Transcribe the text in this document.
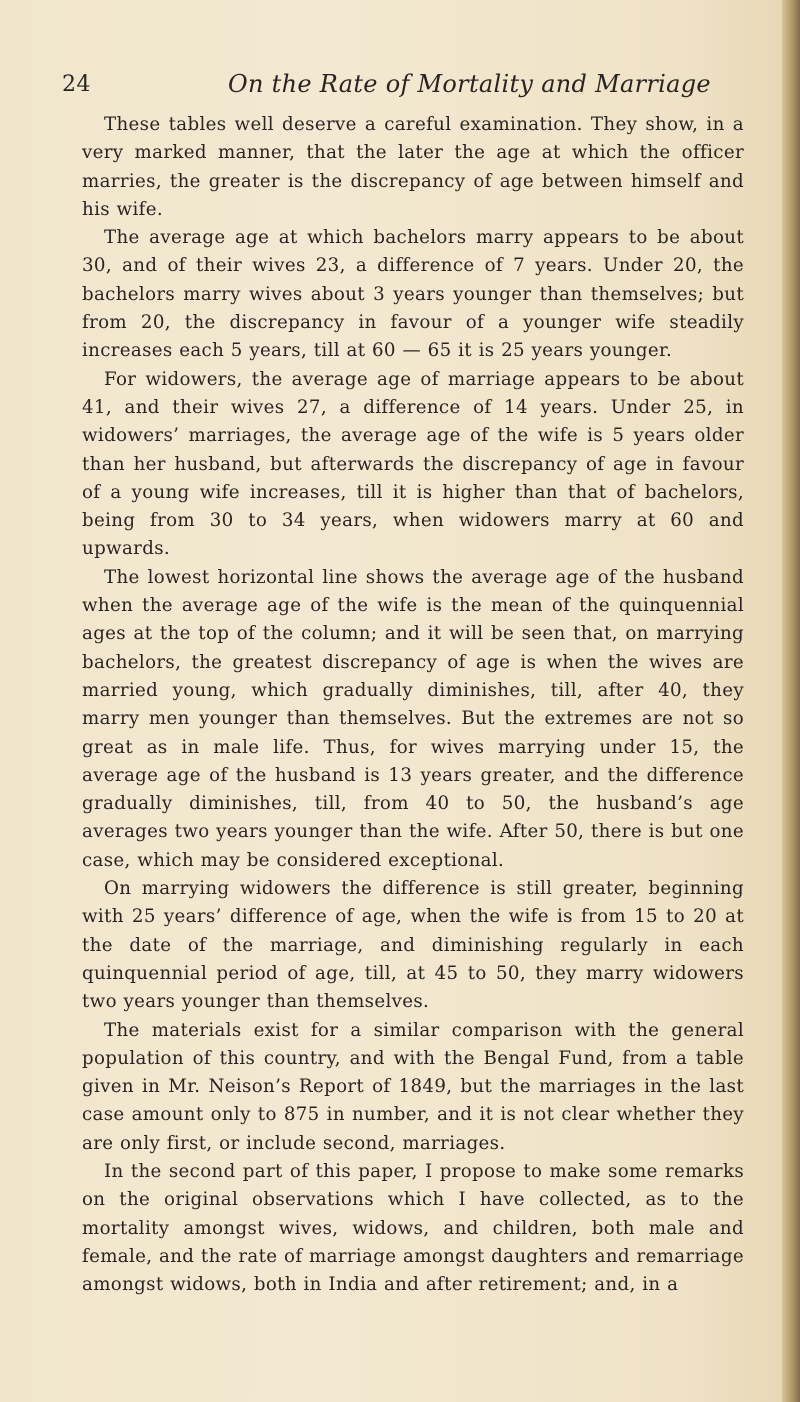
24	On the Rate of Mortality and Marriage

These tables well deserve a careful examination. They show, in a very marked manner, that the later the age at which the officer marries, the greater is the discrepancy of age between himself and his wife.

The average age at which bachelors marry appears to be about 30, and of their wives 23, a difference of 7 years. Under 20, the bachelors marry wives about 3 years younger than themselves; but from 20, the discrepancy in favour of a younger wife steadily increases each 5 years, till at 60 — 65 it is 25 years younger.

For widowers, the average age of marriage appears to be about 41, and their wives 27, a difference of 14 years. Under 25, in widowers’ marriages, the average age of the wife is 5 years older than her husband, but afterwards the discrepancy of age in favour of a young wife increases, till it is higher than that of bachelors, being from 30 to 34 years, when widowers marry at 60 and upwards.

The lowest horizontal line shows the average age of the husband when the average age of the wife is the mean of the quinquennial ages at the top of the column; and it will be seen that, on marrying bachelors, the greatest discrepancy of age is when the wives are married young, which gradually diminishes, till, after 40, they marry men younger than themselves. But the extremes are not so great as in male life. Thus, for wives marrying under 15, the average age of the husband is 13 years greater, and the difference gradually diminishes, till, from 40 to 50, the husband’s age averages two years younger than the wife. After 50, there is but one case, which may be considered exceptional.

On marrying widowers the difference is still greater, beginning with 25 years’ difference of age, when the wife is from 15 to 20 at the date of the marriage, and diminishing regularly in each quinquennial period of age, till, at 45 to 50, they marry widowers two years younger than themselves.

The materials exist for a similar comparison with the general population of this country, and with the Bengal Fund, from a table given in Mr. Neison’s Report of 1849, but the marriages in the last case amount only to 875 in number, and it is not clear whether they are only first, or include second, marriages.

In the second part of this paper, I propose to make some remarks on the original observations which I have collected, as to the mortality amongst wives, widows, and children, both male and female, and the rate of marriage amongst daughters and remarriage amongst widows, both in India and after retirement; and, in a
